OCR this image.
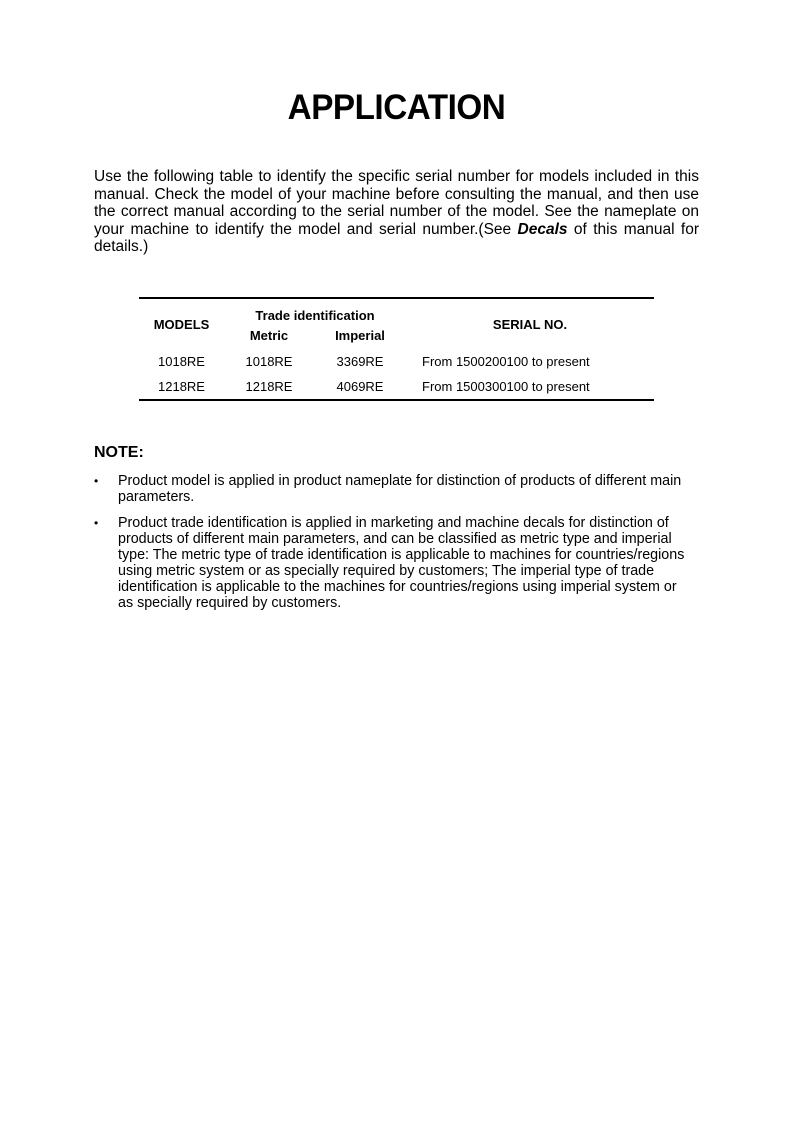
APPLICATION

Use the following table to identify the specific serial number for models included in this manual. Check the model of your machine before consulting the manual, and then use the correct manual according to the serial number of the model. See the nameplate on your machine to identify the model and serial number.(See Decals of this manual for details.)

MODELS	Trade identification		SERIAL NO.
	Metric	Imperial	
1018RE	1018RE	3369RE	From 1500200100 to present
1218RE	1218RE	4069RE	From 1500300100 to present
NOTE:
• Product model is applied in product nameplate for distinction of products of different main parameters.
• Product trade identification is applied in marketing and machine decals for distinction of products of different main parameters, and can be classified as metric type and imperial type: The metric type of trade identification is applicable to machines for countries/regions using metric system or as specially required by customers; The imperial type of trade identification is applicable to the machines for countries/regions using imperial system or as specially required by customers.
